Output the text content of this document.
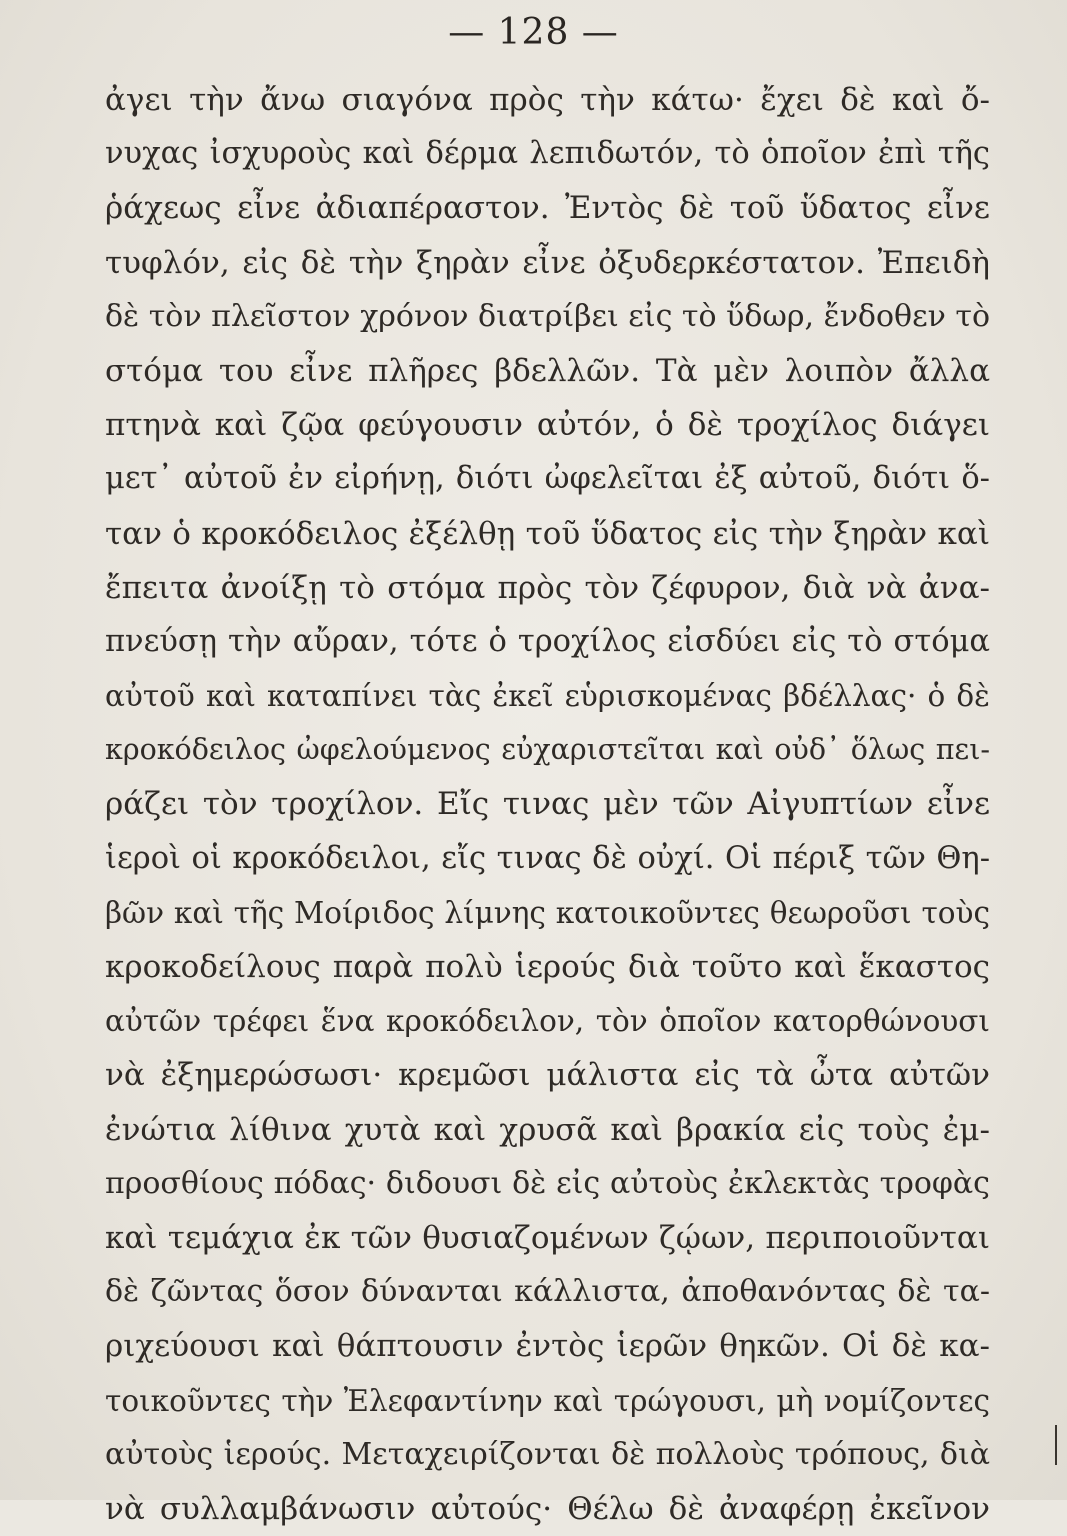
— 128 —
ἀγει τὴν ἄνω σιαγόνα πρὸς τὴν κάτω· ἔχει δὲ καὶ ὄ-
νυχας ἰσχυροὺς καὶ δέρμα λεπιδωτόν, τὸ ὁποῖον ἐπὶ τῆς
ῥάχεως εἶνε ἀδιαπέραστον. Ἐντὸς δὲ τοῦ ὕδατος εἶνε
τυφλόν, εἰς δὲ τὴν ξηρὰν εἶνε ὀξυδερκέστατον. Ἐπειδὴ
δὲ τὸν πλεῖστον χρόνον διατρίβει εἰς τὸ ὕδωρ, ἔνδοθεν τὸ
στόμα του εἶνε πλῆρες βδελλῶν. Τὰ μὲν λοιπὸν ἄλλα
πτηνὰ καὶ ζῷα φεύγουσιν αὐτόν, ὁ δὲ τροχίλος διάγει
μετ᾽ αὐτοῦ ἐν εἰρήνῃ, διότι ὠφελεῖται ἐξ αὐτοῦ, διότι ὅ-
ταν ὁ κροκόδειλος ἐξέλθῃ τοῦ ὕδατος εἰς τὴν ξηρὰν καὶ
ἔπειτα ἀνοίξῃ τὸ στόμα πρὸς τὸν ζέφυρον, διὰ νὰ ἀνα-
πνεύσῃ τὴν αὔραν, τότε ὁ τροχίλος εἰσδύει εἰς τὸ στόμα
αὐτοῦ καὶ καταπίνει τὰς ἐκεῖ εὑρισκομένας βδέλλας· ὁ δὲ
κροκόδειλος ὠφελούμενος εὐχαριστεῖται καὶ οὐδ᾽ ὅλως πει-
ράζει τὸν τροχίλον. Εἴς τινας μὲν τῶν Αἰγυπτίων εἶνε
ἱεροὶ οἱ κροκόδειλοι, εἴς τινας δὲ οὐχί. Οἱ πέριξ τῶν Θη-
βῶν καὶ τῆς Μοίριδος λίμνης κατοικοῦντες θεωροῦσι τοὺς
κροκοδείλους παρὰ πολὺ ἱερούς διὰ τοῦτο καὶ ἕκαστος
αὐτῶν τρέφει ἕνα κροκόδειλον, τὸν ὁποῖον κατορθώνουσι
νὰ ἐξημερώσωσι· κρεμῶσι μάλιστα εἰς τὰ ὦτα αὐτῶν
ἐνώτια λίθινα χυτὰ καὶ χρυσᾶ καὶ βρακία εἰς τοὺς ἐμ-
προσθίους πόδας· διδουσι δὲ εἰς αὐτοὺς ἐκλεκτὰς τροφὰς
καὶ τεμάχια ἐκ τῶν θυσιαζομένων ζῴων, περιποιοῦνται
δὲ ζῶντας ὅσον δύνανται κάλλιστα, ἀποθανόντας δὲ τα-
ριχεύουσι καὶ θάπτουσιν ἐντὸς ἱερῶν θηκῶν. Οἱ δὲ κα-
τοικοῦντες τὴν Ἐλεφαντίνην καὶ τρώγουσι, μὴ νομίζοντες
αὐτοὺς ἱερούς. Μεταχειρίζονται δὲ πολλοὺς τρόπους, διὰ
νὰ συλλαμβάνωσιν αὐτούς· Θέλω δὲ ἀναφέρῃ ἐκεῖνον
